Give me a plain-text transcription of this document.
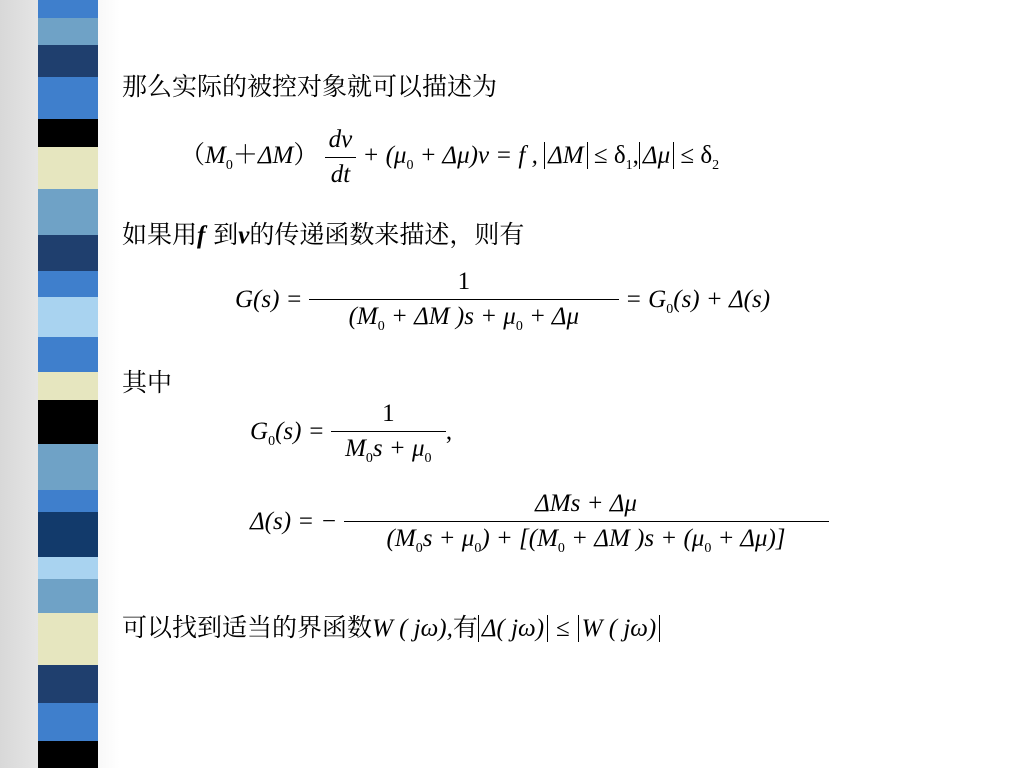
那么实际的被控对象就可以描述为
$(M_0+\Delta M) \frac{dv}{dt} + (\mu_0 + \Delta\mu)v = f$ , $\Delta M \le \delta_1$, $\Delta\mu \le \delta_2$
如果用f 到v的传递函数来描述，则有
$G(s) = \frac{1}{(M_0 + \Delta M )s + \mu_0 + \Delta\mu} = G_0(s) + \Delta(s)$
其中
$G_0(s) = \frac{1}{M_0s + \mu_0}$ ,
Δ(s) = − $\frac{\text{ΔMs + Δμ}}{(M_0s + \mu_0) + [(M_0 + \Delta M )s + (\mu_0 + \Delta\mu)]}$
可以找到适当的界函数W ( jω),有 Δ( jω) ≤ W ( jω)
